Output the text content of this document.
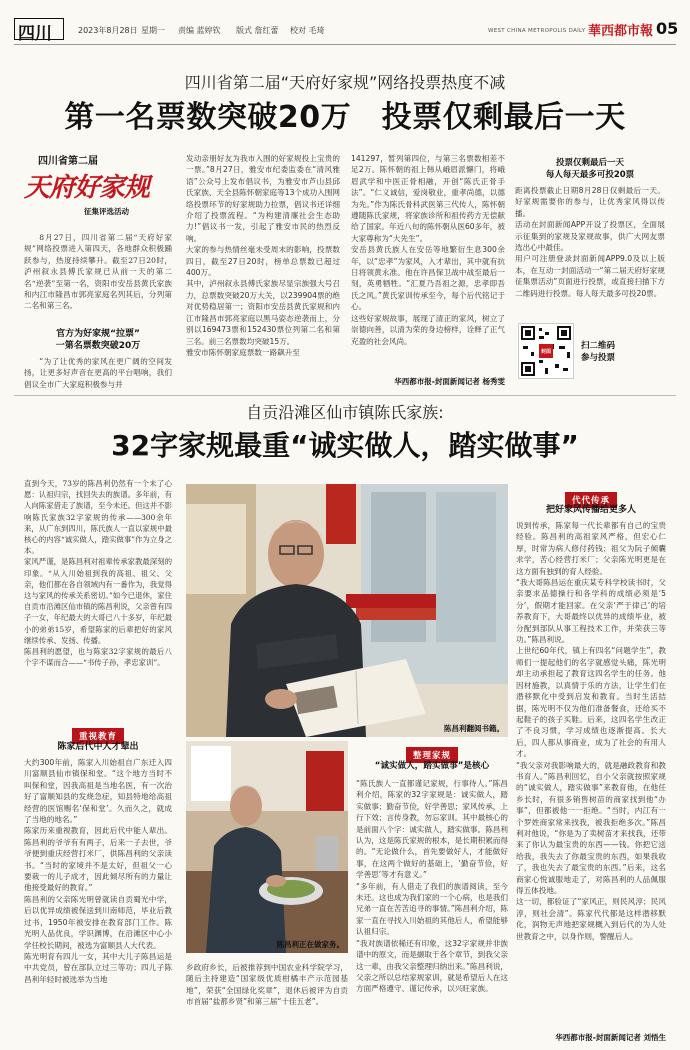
四川	2023年8月28日 星期一 责编 蓝婷钦 版式 詹红蕾 校对 毛琦	WEST CHINA METROPOLIS DAILY 華西都市報 05
四川省第二届“天府好家规”网络投票热度不减
第一名票数突破20万　投票仅剩最后一天
四川省第二届
天府好家规
征集评选活动

8月27日，四川省第二届“天府好家规”网络投票进入第四天，各地群众积极踊跃参与，热度持续攀升。截至27日20时，泸州叙永县傅氏家规已从前一天的第二名“逆袭”至第一名，资阳市安岳县黄氏家族和内江市隆昌市郭亮家庭名列其后，分列第二名和第三名。

官方为好家规“拉票”
一第名票数突破20万

“为了让优秀的家风在更广阔的空间发扬，让更多好声音在更高的平台唱响，我们倡议全市广大家庭积极参与并

发动亲朋好友为我市入围的好家规投上宝贵的一票。”8月27日，雅安市纪委监委在“清风雅语”公众号上发布倡议书，为雅安市芦山县邱氏家族、天全县陈怀朝家庭等13个成功入围网络投票环节的好家规助力拉票，倡议书还详细介绍了投票流程。“为构建清廉社会生态助力!”倡议书一发，引起了雅安市民的热烈反响。
大家的参与热情丝毫未受周末的影响，投票数四日，截至27日20时，榜单总票数已超过400万。
其中，泸州叙永县傅氏家族尽显宗族强大号召力，总票数突破20万大关，以239904票的绝对优势稳居第一；资阳市安岳县黄氏家规和内江市隆昌市郭亮家庭以黑马姿态逆袭而上，分别以169473票和152430票位列第二名和第三名。前三名票数均突破15万。
雅安市陈怀朝家庭票数一路飙升至
141297，暂列第四位，与第三名票数相差不足2万。陈怀朝的祖上韩从峨眉派懈门，将峨眉武学和中医正骨相融，开创“陈氏正骨手法”。“仁义诚信，爱岗敬业，重孝尚德，以德为先。”作为陈氏骨科武医第三代传人，陈怀朝遵随陈氏家规，将家族诊所和祖传药方无偿献给了国家。年近八旬的陈怀朝从医60多年，被大家尊称为“大先生”。
安岳县黄氏族人在安岳等地繁衍生息300余年，以“忠孝”为家风，入才辈出，其中就有抗日将领黄永准。他在许昌保卫战中战至最后一刻，英勇牺牲。“汇夏乃吾祖之源，忠孝即吾氏之风。”黄氏家训传承至今，每个后代铭记于心。
这些好家规故事，展现了清正的家风，树立了崇德向善，以清为荣的身边榜样，诠释了正气充盈的社会风尚。
华西都市报-封面新闻记者 杨秀雯
投票仅剩最后一天
每人每天最多可投20票
距离投票截止日期8月28日仅剩最后一天。好家规需要你的参与，让优秀家风得以传播。
活动在封面新闻APP开设了投票区，全面展示征集到的家规及家规故事，供广大网友票选出心中最佳。
用户可注册登录封面新闻APP9.0及以上版本，在互动一封面活动一“第二届天府好家规征集票活动”页面进行投票，或直接扫描下方二维码进行投票。每人每天最多可投20票。
封面
扫二维码
参与投票
自贡沿滩区仙市镇陈氏家族:
32字家规最重“诚实做人，踏实做事”
直到今天，73岁的陈昌利仍然有一个未了心愿：认祖归宗，找回失去的族谱。多年前，有人向陈家借走了族谱，至今未还。但这并不影响陈氏家族32字家规的传承——300余年来，从广东到四川，陈氏族人一直以家规中最核心的内容“诚实做人，踏实做事”作为立身之本。
家风严谨，是陈昌利对祖辈传承家教最深刻的印象。“从入川始祖到我的高祖、祖父、父亲，他们都在各自领域内有一番作为，我觉得这与家风的传承关系密切。”如今已退休，家住自贡市沿滩区仙市镇的陈昌利说，父亲曾有四子一女，年纪最大的大哥已八十多岁，年纪最小的弟弟15岁，希望陈家的后辈把好的家风继续传承、发扬、传播。
陈昌利的愿望，也与陈家32字家规的最后八个字不谋而合——“书传子孙，孝忠家训”。
重视教育
陈家后代中人才辈出
大约300年前，陈家入川始祖自广东迁入四川富顺县仙市镇保和堂。“这个地方当时不叫保和堂，因我高祖是当地名医，有一次治好了富顺知县的发烧急症，知县特地给高祖经营的医馆赐名‘保和堂’。久而久之，就成了当地的地名。”
陈家历来重视教育，因此后代中能人辈出。陈昌利的爷爷有有两子，后来一子去世，爷爷便到重庆经营打米厂，供陈昌利的父亲读书。“当时的家境并不是太好，但祖父一心要栽一的儿子成才，因此倾尽所有的力量让他接受最好的教育。”
陈昌利的父亲陈光明曾就读自贡蜀光中学，后以优异成绩被保送到川南师范，毕业后教过书，1950年被安排在教育部门工作。陈光明人品优良，学识渊博，在沿滩区中心小学任校长期间，被选为富顺县人大代表。
陈光明育有四儿一女，其中大儿子陈昌运是中共党员，曾在部队立过三等功；四儿子陈昌利年轻时被选举为当地
陈昌利翻阅书籍。
陈昌利正在做家务。
乡政府乡长，后被推荐到中国农业科学院学习，随后主持建造“国家级优质柑橘丰产示范园基地”，荣获“全国绿化奖章”，退休后被评为自贡市首届“盐都乡贤”和第三届“十佳五老”。
整理家规
“诚实做人，踏实做事”是核心
“陈氏族人一直都谨记家规，行事待人。”陈昌利介绍，陈家的32字家规是：诚实做人，踏实做事；勤奋节俭，好学善思；家风传承，上行下效；言传身教，勿忘家训。其中最核心的是前面八个字：诚实做人，踏实做事。陈昌利认为，这是陈氏家规的根本，是长期积累而得的。“无论做什么，首先要做好人，才能做好事，在这两个做好的基础上，‘勤奋节俭，好学善思’等才有意义。”
“多年前，有人借走了我们的族谱阅读，至今未还。这也成为我们家的一个心病，也是我们兄弟一直在苦苦追寻的事情。”陈昌利介绍，陈家一直在寻找入川始祖的其他后人，希望能够认祖归宗。
“我对族谱依稀还有印象，这32字家规并非族谱中的原文，而是撷取于各个章节，到我父亲这一辈，由我父亲整理归纳出来。”陈昌利说，父亲之所以总结家规家训，就是希望后人在这方面严格遵守、谨记传承，以兴旺家族。
代代传承
把好家风传播给更多人
说到传承，陈家每一代长辈都有自己的宝贵经验。陈昌利的高祖家风严格，但宏心仁厚，时常为病人修付药钱；祖父为阮子倾囊求学，苦心经营打米厂；父亲陈光明更是在这方面有独到的育人经验。
“我大哥陈昌运在重庆某专科学校读书时，父亲要求品德操行和各学科的成绩必须是‘5分’，假期才能回家。在父亲‘严于律己’的培养教育下，大哥最终以优异的成绩毕业，被分配到部队从事工程技术工作，并荣获三等功。”陈昌利说。
上世纪60年代，镇上有四名“问题学生”，教师们一提起他们的名字就感觉头痛，陈光明却主动承担起了教育这四名学生的任务。他因材施教，以真情于乐的方法，让学生们在潜移默化中受到启发和教育。当时生活拮据，陈光明不仅为他们准备餐食，还给买不起鞋子的孩子买鞋。后来，这四名学生改正了不良习惯，学习成绩也逐渐提高。长大后，四人都从事商业，成为了社会的有用人才。
“我父亲对我影响最大的，就是融政教育和教书育人。”陈昌利回忆，自小父亲就按照家规的“诚实做人，踏实做事”来教育他，在他任乡长时，有很多销售树苗的商家找到他“办事”，但都被他一一拒绝。“当时，内江有一个罗姓商家常来找我，被我拒绝多次。”陈昌利对他说，“你是为了卖树苗才来找我，还带来了你认为最宝贵的东西——钱。你把它送给我，我失去了你最宝贵的东西，如果我收了，我也失去了最宝贵的东西。”后来，这名商家心悦诚服地走了，对陈昌利的人品佩服得五体投地。
这一切，都验证了“家风正，则民风淳；民风淳，则社会清”。陈家代代都是这样潜移默化，润物无声地把家规概入到后代的为人处世教育之中，以身作则，警醒后人。
华西都市报-封面新闻记者 刘悟生
